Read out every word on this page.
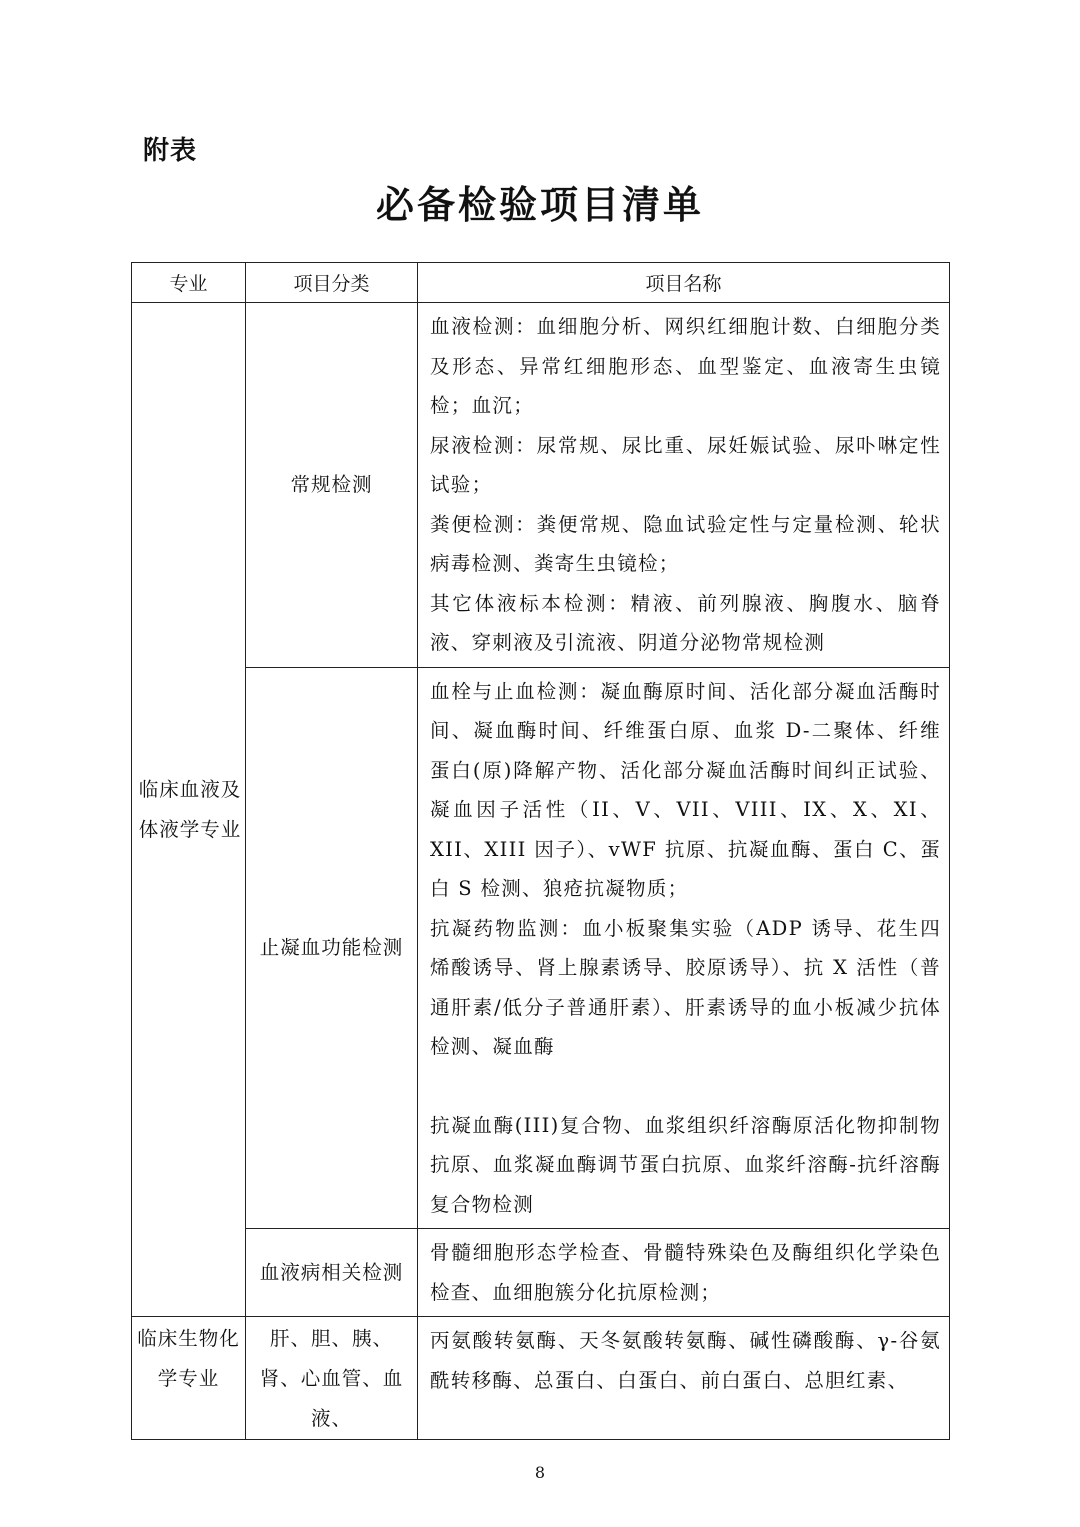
附表
必备检验项目清单
专业	项目分类	项目名称

临床血液及体液学专业	常规检测	血液检测：血细胞分析、网织红细胞计数、白细胞分类及形态、异常红细胞形态、血型鉴定、血液寄生虫镜检；血沉；

尿液检测：尿常规、尿比重、尿妊娠试验、尿卟啉定性试验；

粪便检测：粪便常规、隐血试验定性与定量检测、轮状病毒检测、粪寄生虫镜检；

其它体液标本检测：精液、前列腺液、胸腹水、脑脊液、穿刺液及引流液、阴道分泌物常规检测

	止凝血功能检测	血栓与止血检测：凝血酶原时间、活化部分凝血活酶时间、凝血酶时间、纤维蛋白原、血浆 D-二聚体、纤维蛋白(原)降解产物、活化部分凝血活酶时间纠正试验、凝血因子活性（II、V、VII、VIII、IX、X、XI、XII、XIII 因子）、vWF 抗原、抗凝血酶、蛋白 C、蛋白 S 检测、狼疮抗凝物质；

抗凝药物监测：血小板聚集实验（ADP 诱导、花生四烯酸诱导、肾上腺素诱导、胶原诱导）、抗 X 活性（普通肝素/低分子普通肝素）、肝素诱导的血小板减少抗体检测、凝血酶

抗凝血酶(III)复合物、血浆组织纤溶酶原活化物抑制物抗原、血浆凝血酶调节蛋白抗原、血浆纤溶酶-抗纤溶酶复合物检测

	血液病相关检测	骨髓细胞形态学检查、骨髓特殊染色及酶组织化学染色检查、血细胞簇分化抗原检测；

临床生物化学专业	肝、胆、胰、肾、心血管、血液、	丙氨酸转氨酶、天冬氨酸转氨酶、碱性磷酸酶、γ-谷氨酰转移酶、总蛋白、白蛋白、前白蛋白、总胆红素、

8
